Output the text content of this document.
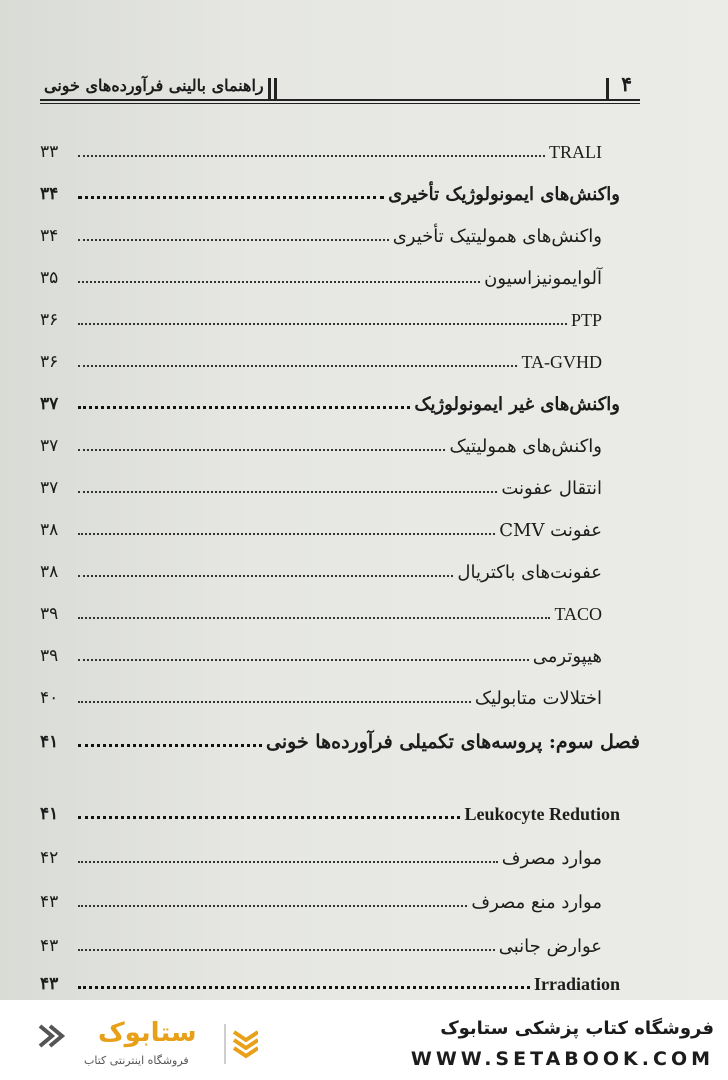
راهنمای بالینی فرآورده‌های خونی	۴
۳۳	TRALI
۳۴	واکنش‌های ایمونولوژیک تأخیری
۳۴	واکنش‌های همولیتیک تأخیری
۳۵	آلوایمونیزاسیون
۳۶	PTP
۳۶	TA-GVHD
۳۷	واکنش‌های غیر ایمونولوژیک
۳۷	واکنش‌های همولیتیک
۳۷	انتقال عفونت
۳۸	عفونت CMV
۳۸	عفونت‌های باکتریال
۳۹	TACO
۳۹	هیپوترمی
۴۰	اختلالات متابولیک
۴۱	فصل سوم: پروسه‌های تکمیلی فرآورده‌ها خونی
۴۱	Leukocyte Redution
۴۲	موارد مصرف
۴۳	موارد منع مصرف
۴۳	عوارض جانبی
۴۳	Irradiation
ستابوک
فروشگاه اینترنتی کتاب
فروشگاه کتاب پزشکی ستابوک
WWW.SETABOOK.COM
